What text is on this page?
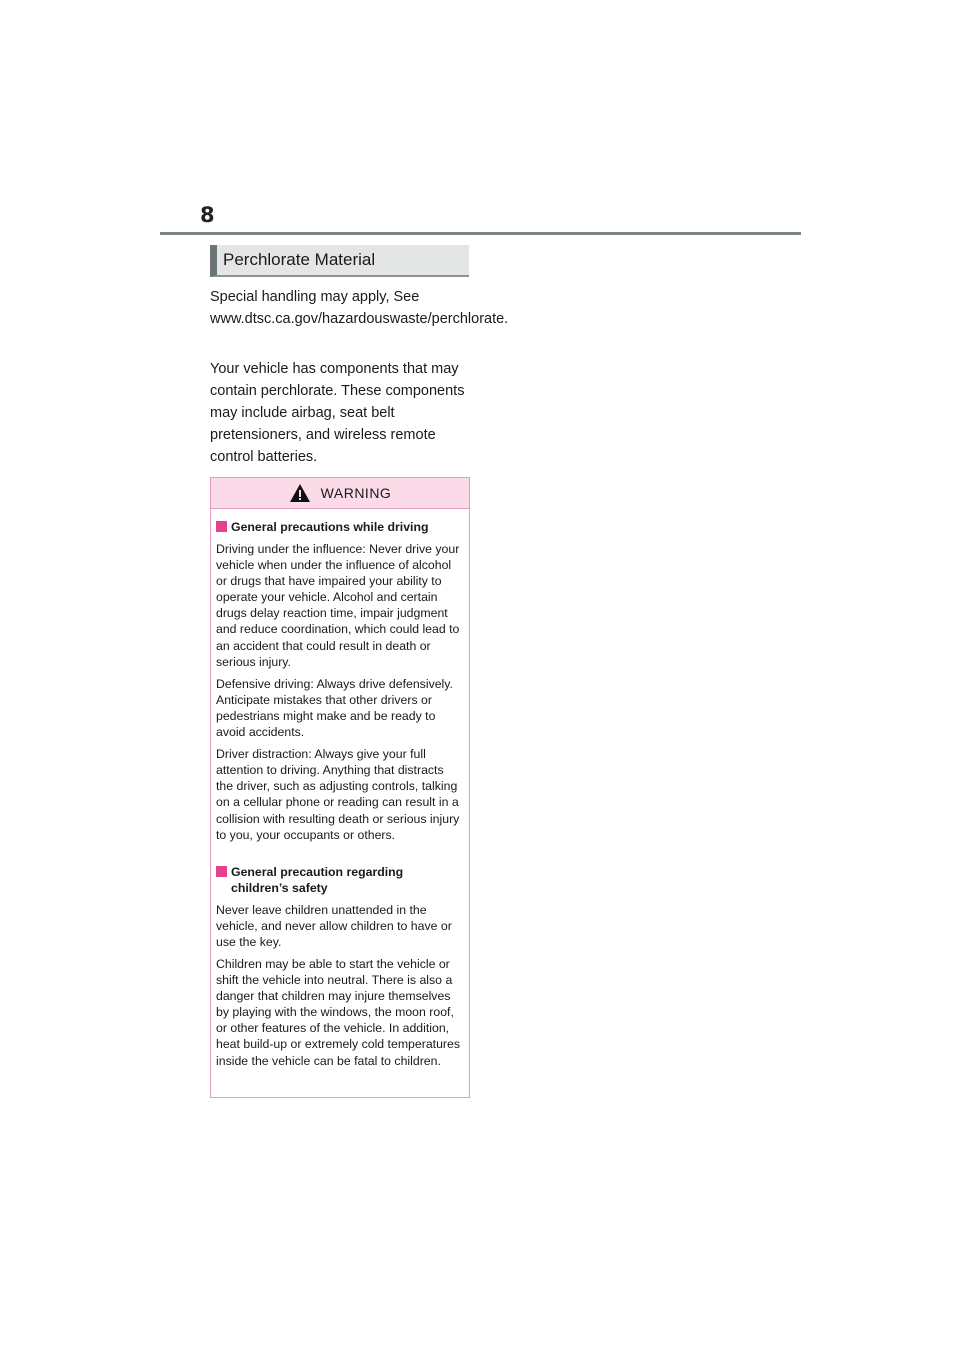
8
Perchlorate Material

Special handling may apply, See www.dtsc.ca.gov/hazardouswaste/perchlorate.

Your vehicle has components that may contain perchlorate. These components may include airbag, seat belt pretensioners, and wireless remote control batteries.

WARNING
General precautions while driving

Driving under the influence: Never drive your vehicle when under the influence of alcohol or drugs that have impaired your ability to operate your vehicle. Alcohol and certain drugs delay reaction time, impair judgment and reduce coordination, which could lead to an accident that could result in death or serious injury.

Defensive driving: Always drive defensively. Anticipate mistakes that other drivers or pedestrians might make and be ready to avoid accidents.

Driver distraction: Always give your full attention to driving. Anything that distracts the driver, such as adjusting controls, talking on a cellular phone or reading can result in a collision with resulting death or serious injury to you, your occupants or others.

General precaution regarding children’s safety

Never leave children unattended in the vehicle, and never allow children to have or use the key.

Children may be able to start the vehicle or shift the vehicle into neutral. There is also a danger that children may injure themselves by playing with the windows, the moon roof, or other features of the vehicle. In addition, heat build-up or extremely cold temperatures inside the vehicle can be fatal to children.
